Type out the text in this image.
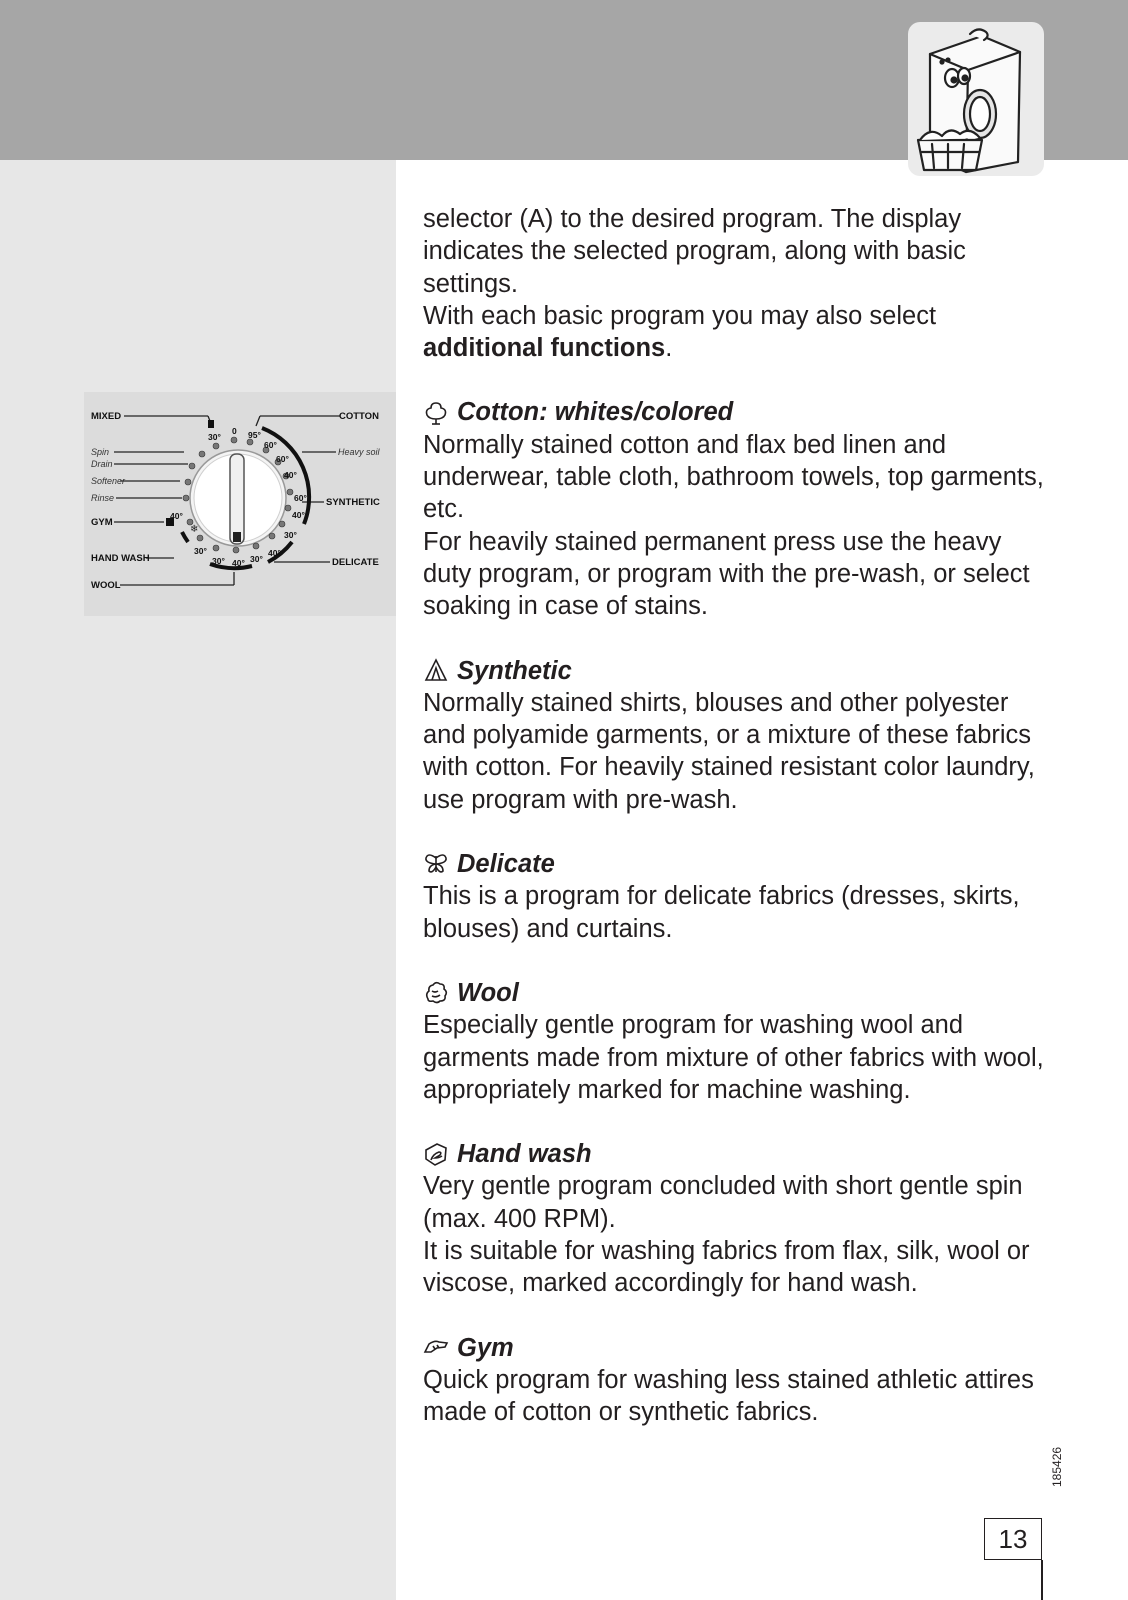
❄
MIXED
GYM
HAND WASH
WOOL
COTTON
SYNTHETIC
DELICATE
Spin
Drain
Softener
Rinse
Heavy soil
30°
0 95°
60°
60°
40°
60°
40°
30°
40°
30°
40°
30°
30°
40°

selector (A) to the desired program. The display indicates the selected program, along with basic settings.
With each basic program you may also select additional functions.

Cotton: whites/colored

Normally stained cotton and flax bed linen and underwear, table cloth, bathroom towels, top garments, etc.

For heavily stained permanent press use the heavy duty program, or program with the pre-wash, or select soaking in case of stains.

Synthetic

Normally stained shirts, blouses and other polyester and polyamide garments, or a mixture of these fabrics with cotton. For heavily stained resistant color laundry, use program with pre-wash.

Delicate

This is a program for delicate fabrics (dresses, skirts, blouses) and curtains.

Wool

Especially gentle program for washing wool and garments made from mixture of other fabrics with wool, appropriately marked for machine washing.

Hand wash

Very gentle program concluded with short gentle spin (max. 400 RPM).

It is suitable for washing fabrics from flax, silk, wool or viscose, marked accordingly for hand wash.

Gym

Quick program for washing less stained athletic attires made of cotton or synthetic fabrics.

185426
13
